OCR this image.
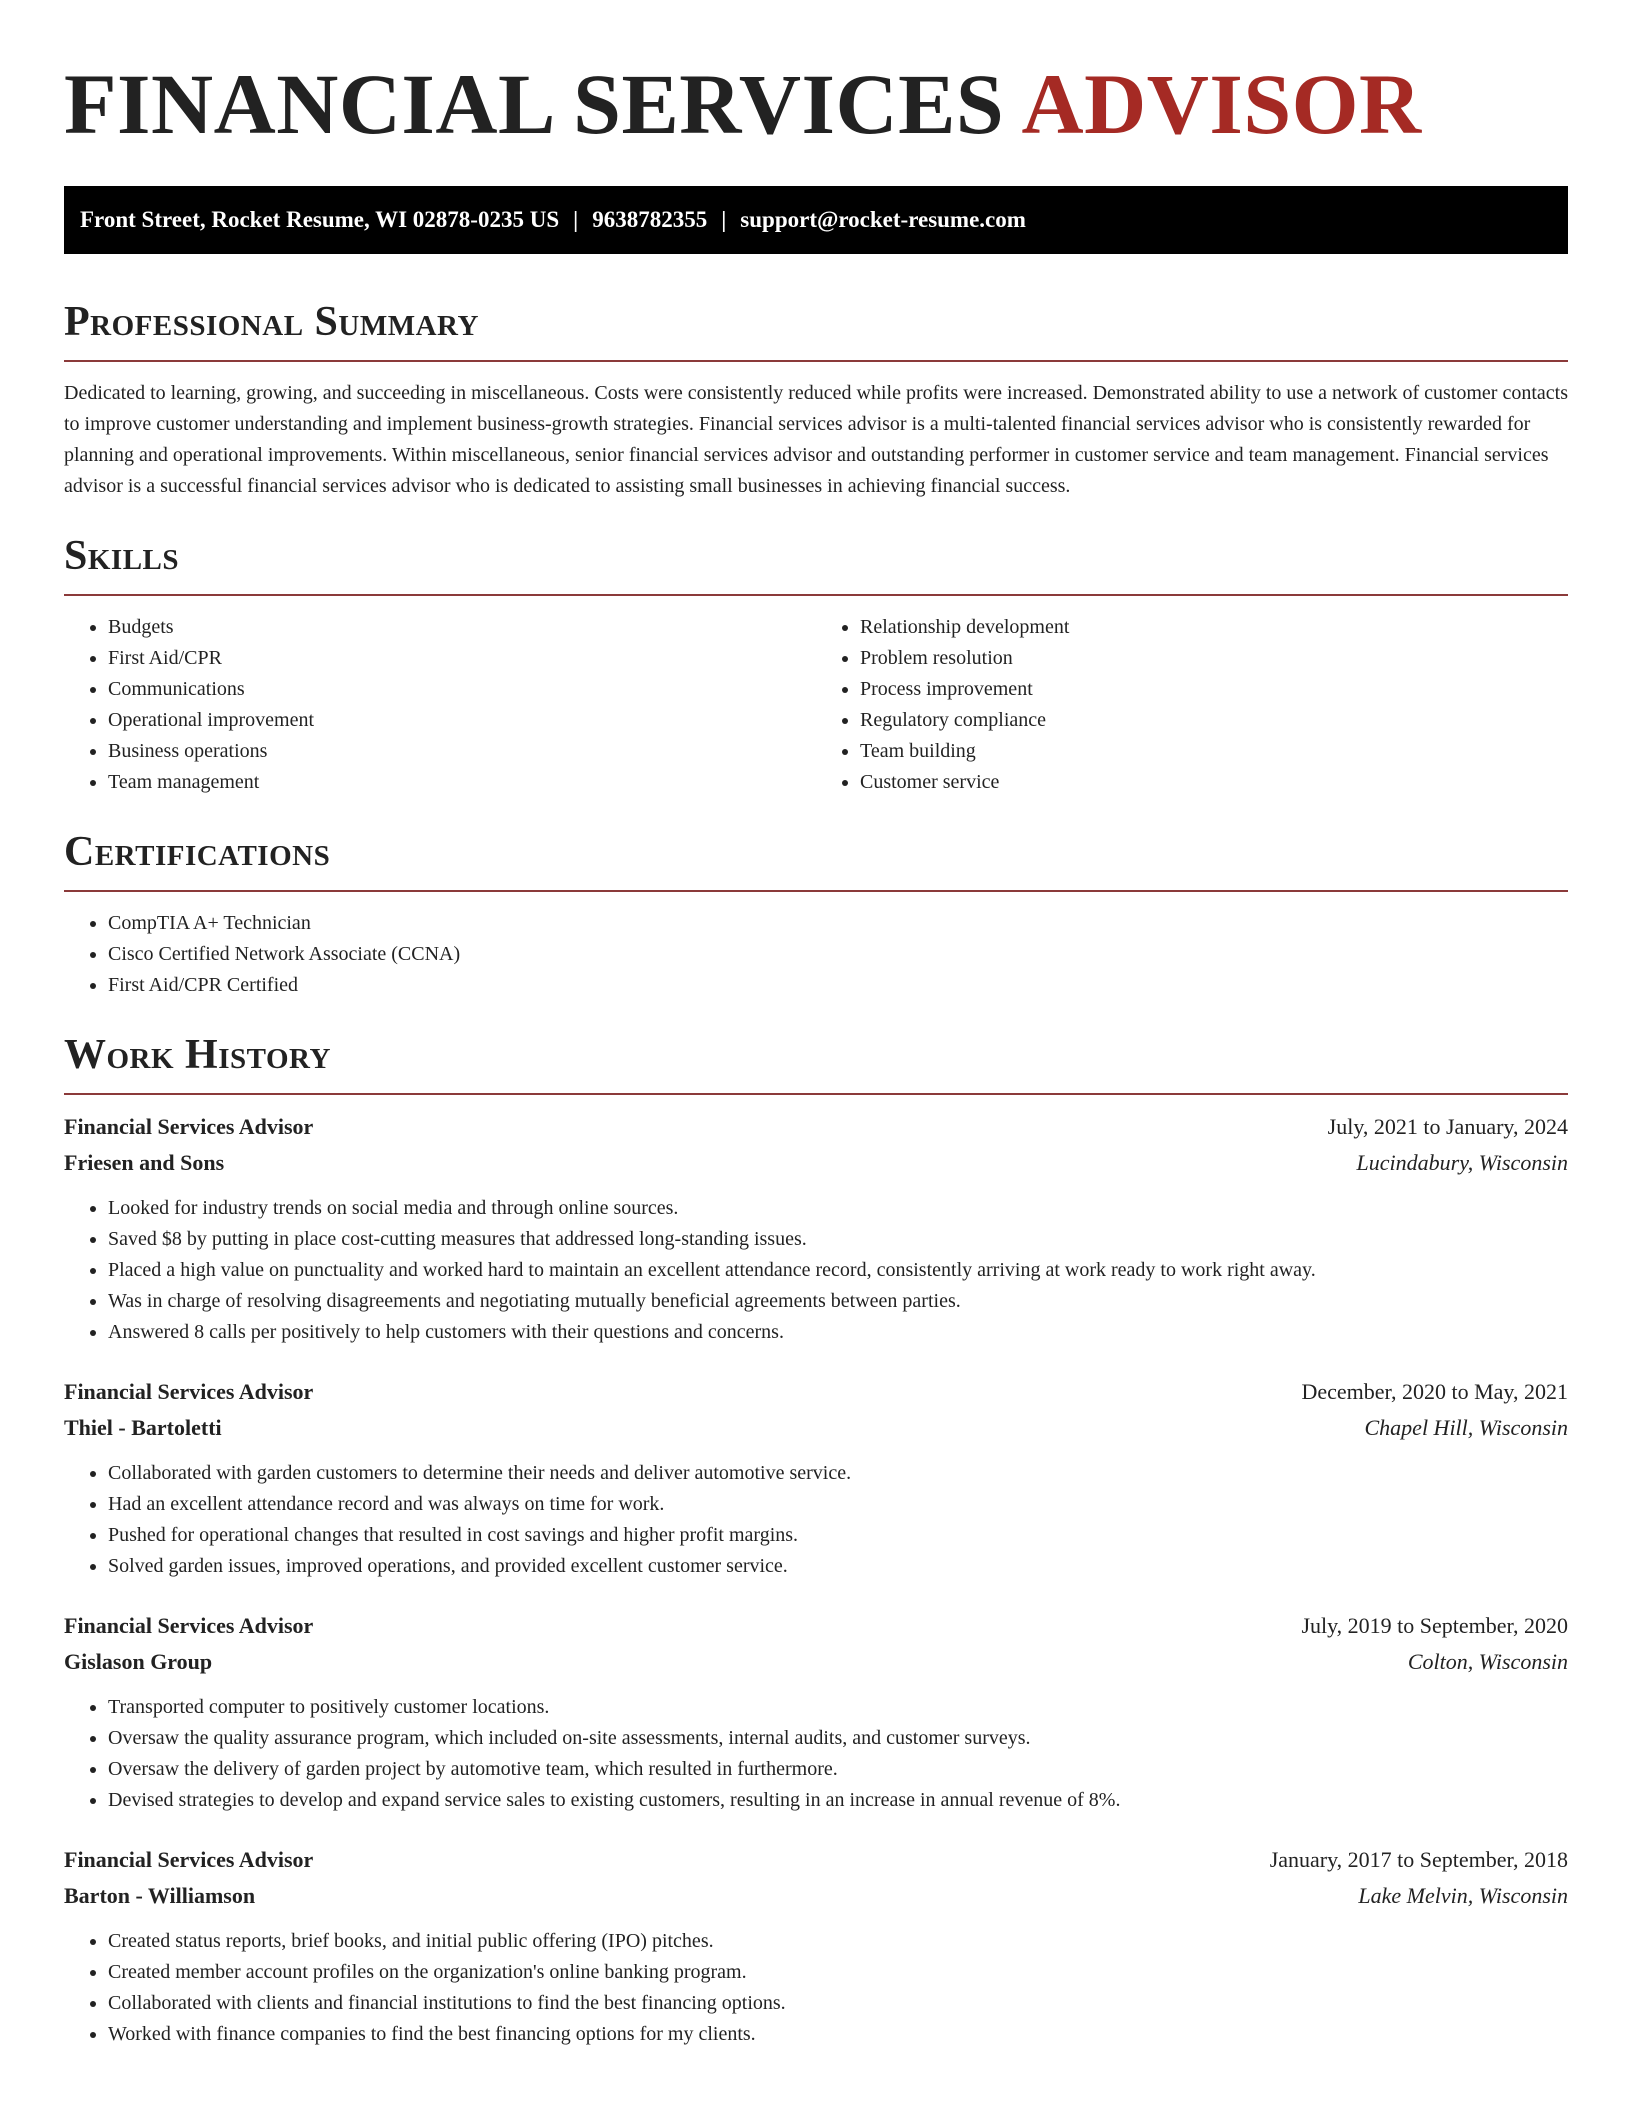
FINANCIAL SERVICES ADVISOR
Front Street, Rocket Resume, WI 02878-0235 US | 9638782355 | support@rocket-resume.com
Professional Summary

Dedicated to learning, growing, and succeeding in miscellaneous. Costs were consistently reduced while profits were increased. Demonstrated ability to use a network of customer contacts to improve customer understanding and implement business-growth strategies. Financial services advisor is a multi-talented financial services advisor who is consistently rewarded for planning and operational improvements. Within miscellaneous, senior financial services advisor and outstanding performer in customer service and team management. Financial services advisor is a successful financial services advisor who is dedicated to assisting small businesses in achieving financial success.

Skills
• Budgets
• First Aid/CPR
• Communications
• Operational improvement
• Business operations
• Team management
• Relationship development
• Problem resolution
• Process improvement
• Regulatory compliance
• Team building
• Customer service
Certifications
• CompTIA A+ Technician
• Cisco Certified Network Associate (CCNA)
• First Aid/CPR Certified
Work History
Financial Services Advisor	July, 2021 to January, 2024
Friesen and Sons	Lucindabury, Wisconsin
• Looked for industry trends on social media and through online sources.
• Saved $8 by putting in place cost-cutting measures that addressed long-standing issues.
• Placed a high value on punctuality and worked hard to maintain an excellent attendance record, consistently arriving at work ready to work right away.
• Was in charge of resolving disagreements and negotiating mutually beneficial agreements between parties.
• Answered 8 calls per positively to help customers with their questions and concerns.
Financial Services Advisor	December, 2020 to May, 2021
Thiel - Bartoletti	Chapel Hill, Wisconsin
• Collaborated with garden customers to determine their needs and deliver automotive service.
• Had an excellent attendance record and was always on time for work.
• Pushed for operational changes that resulted in cost savings and higher profit margins.
• Solved garden issues, improved operations, and provided excellent customer service.
Financial Services Advisor	July, 2019 to September, 2020
Gislason Group	Colton, Wisconsin
• Transported computer to positively customer locations.
• Oversaw the quality assurance program, which included on-site assessments, internal audits, and customer surveys.
• Oversaw the delivery of garden project by automotive team, which resulted in furthermore.
• Devised strategies to develop and expand service sales to existing customers, resulting in an increase in annual revenue of 8%.
Financial Services Advisor	January, 2017 to September, 2018
Barton - Williamson	Lake Melvin, Wisconsin
• Created status reports, brief books, and initial public offering (IPO) pitches.
• Created member account profiles on the organization's online banking program.
• Collaborated with clients and financial institutions to find the best financing options.
• Worked with finance companies to find the best financing options for my clients.
